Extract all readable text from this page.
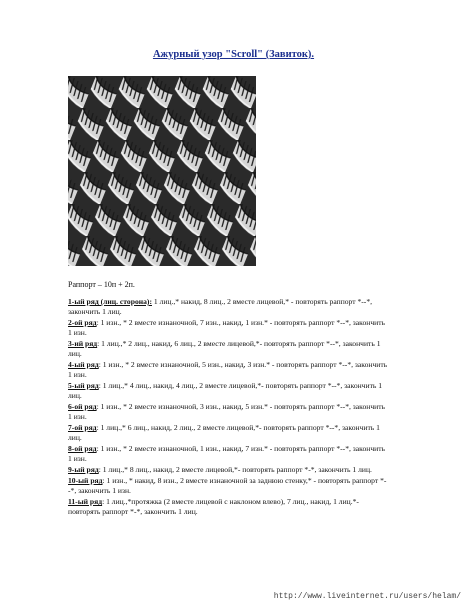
Ажурный узор "Scroll" (Завиток).
Раппорт – 10п + 2п.
1-ый ряд (лиц. сторона): 1 лиц.,* накид, 8 лиц., 2 вместе лицевой,* - повторять раппорт *--*, закончить 1 лиц.
2-ой ряд: 1 изн., * 2 вместе изнаночной, 7 изн., накид, 1 изн.* - повторять раппорт *--*, закончить 1 изн.
3-ий ряд: 1 лиц.,* 2 лиц., накид, 6 лиц., 2 вместе лицевой,*- повторять раппорт *--*, закончить 1 лиц.
4-ый ряд: 1 изн., * 2 вместе изнаночной, 5 изн., накид, 3 изн.* - повторять раппорт *--*, закончить 1 изн.
5-ый ряд: 1 лиц.,* 4 лиц., накид, 4 лиц., 2 вместе лицевой,*- повторять раппорт *--*, закончить 1 лиц.
6-ой ряд: 1 изн., * 2 вместе изнаночной, 3 изн., накид, 5 изн.* - повторять раппорт *--*, закончить 1 изн.
7-ой ряд: 1 лиц.,* 6 лиц., накид, 2 лиц., 2 вместе лицевой,*- повторять раппорт *--*, закончить 1 лиц.
8-ой ряд: 1 изн., * 2 вместе изнаночной, 1 изн., накид, 7 изн.* - повторять раппорт *--*, закончить 1 изн.
9-ый ряд: 1 лиц.,* 8 лиц., накид, 2 вместе лицевой,*- повторять раппорт *-*, закончить 1 лиц.
10-ый ряд: 1 изн., * накид, 8 изн., 2 вместе изнаночной за заднюю стенку,* - повторять раппорт *--*, закончить 1 изн.
11-ый ряд: 1 лиц.,*протяжка (2 вместе лицевой с наклоном влево), 7 лиц., накид, 1 лиц.*- повторять раппорт *-*, закончить 1 лиц.
http://www.liveinternet.ru/users/helam/
